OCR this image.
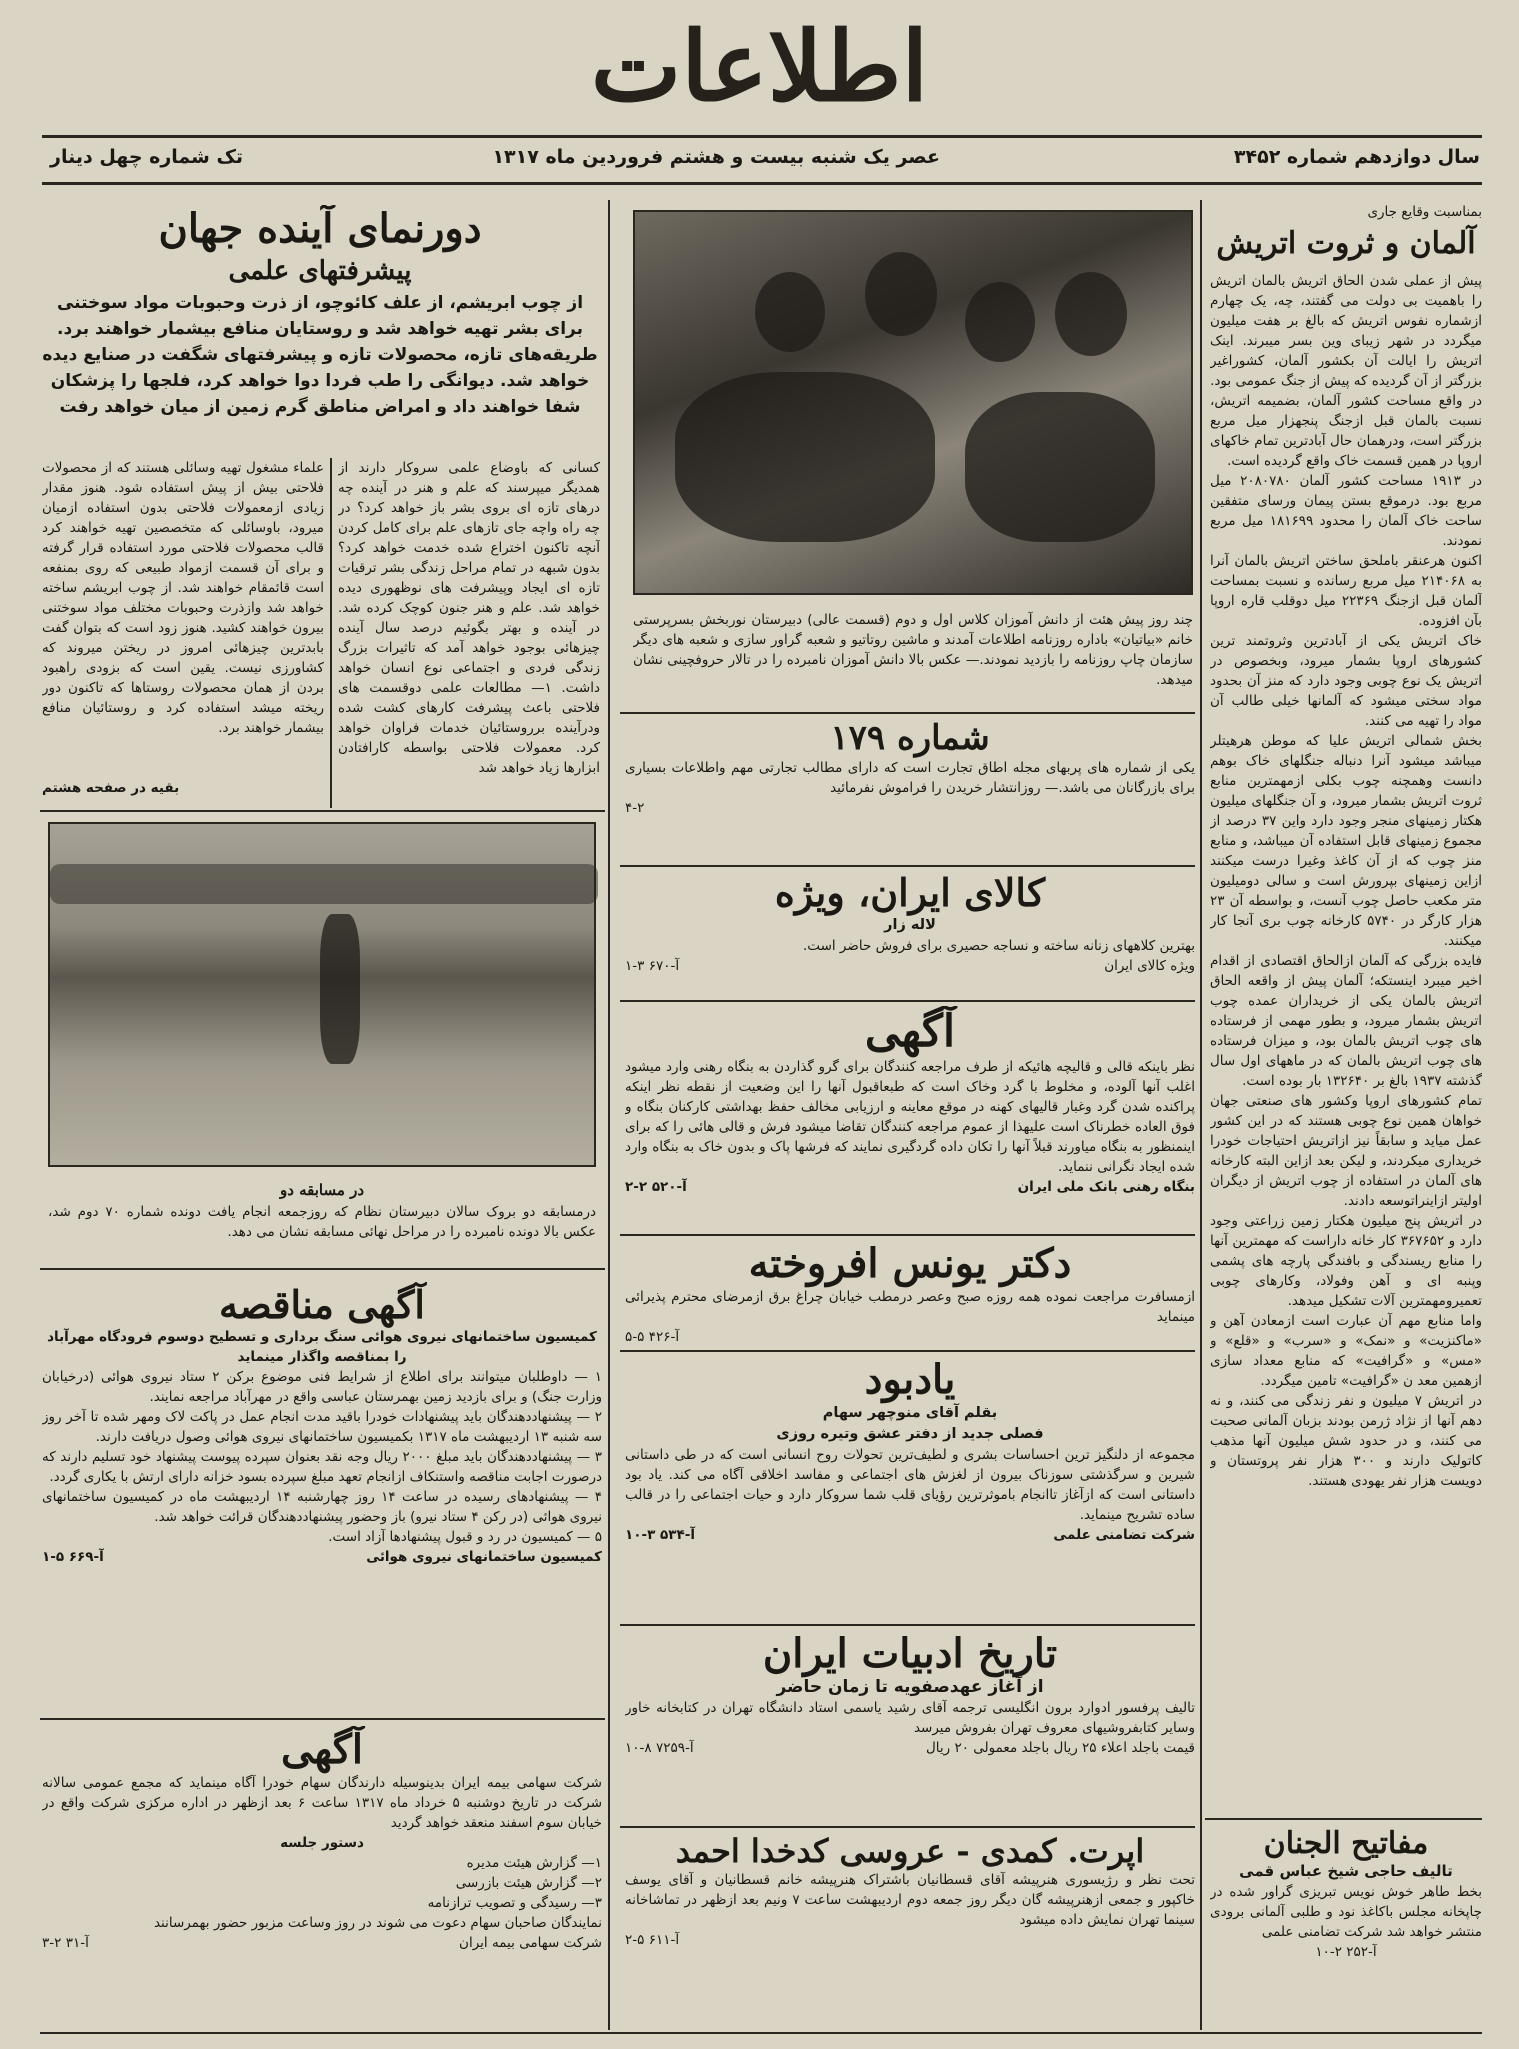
اطلاعات
سال دوازدهم شماره ۳۴۵۲
عصر یک شنبه بیست و هشتم فروردین ماه ۱۳۱۷
تک شماره چهل دینار
بمناسبت وقایع جاری
آلمان و ثروت اتریش
پیش از عملی شدن الحاق اتریش بالمان اتریش را باهمیت بی دولت می گفتند، چه، یک چهارم ازشماره نفوس اتریش که بالغ بر هفت میلیون میگردد در شهر زیبای وین بسر میبرند. اینک اتریش را ایالت آن بکشور آلمان، کشوراغیر بزرگتر از آن گردیده که پیش از جنگ عمومی بود.
در واقع مساحت کشور آلمان، بضمیمه اتریش، نسبت بالمان قبل ازجنگ پنجهزار میل مربع بزرگتر است، ودرهمان حال آبادترین تمام خاکهای اروپا در همین قسمت خاک واقع گردیده است.
در ۱۹۱۳ مساحت کشور آلمان ۲۰۸۰۷۸۰ میل مربع بود. درموقع بستن پیمان ورسای متفقین ساحت خاک آلمان را محدود ۱۸۱۶۹۹ میل مربع نمودند.
اکنون هرعنقر باملحق ساختن اتریش بالمان آنرا به ۲۱۴۰۶۸ میل مربع رسانده و نسبت بمساحت آلمان قبل ازجنگ ۲۲۳۶۹ میل دوقلب قاره اروپا بآن افزوده.
خاک اتریش یکی از آبادترین وثروتمند ترین کشورهای اروپا بشمار میرود، وبخصوص در اتریش یک نوع چوبی وجود دارد که منز آن بحدود مواد سختی میشود که آلمانها خیلی طالب آن مواد را تهیه می کنند.
بخش شمالی اتریش علیا که موطن هرهیتلر میباشد میشود آنرا دنباله جنگلهای خاک بوهم دانست وهمچنه چوب بکلی ازمهمترین منابع ثروت اتریش بشمار میرود، و آن جنگلهای میلیون هکتار زمینهای منجر وجود دارد واین ۳۷ درصد از مجموع زمینهای قابل استفاده آن میباشد، و منابع منز چوب که از آن کاغذ وغیرا درست میکنند ازاین زمینهای بپرورش است و سالی دومیلیون متر مکعب حاصل چوب آنست، و بواسطه آن ۲۳ هزار کارگر در ۵۷۴۰ کارخانه چوب بری آنجا کار میکنند.
فایده بزرگی که آلمان ازالحاق اقتصادی از اقدام اخیر میبرد اینستکه؛ آلمان پیش از واقعه الحاق اتریش بالمان یکی از خریداران عمده چوب اتریش بشمار میرود، و بطور مهمی از فرستاده های چوب اتریش بالمان بود، و میزان فرستاده های چوب اتریش بالمان که در ماههای اول سال گذشته ۱۹۳۷ بالغ بر ۱۳۲۶۴۰ بار بوده است.
تمام کشورهای اروپا وکشور های صنعتی جهان خواهان همین نوع چوبی هستند که در این کشور عمل میاید و سابقاً نیز ازاتریش احتیاجات خودرا خریداری میکردند، و لیکن بعد ازاین البته کارخانه های آلمان در استفاده از چوب اتریش از دیگران اولیتر ازاینراتوسعه دادند.
در اتریش پنج میلیون هکتار زمین زراعتی وجود دارد و ۳۶۷۶۵۲ کار خانه داراست که مهمترین آنها را منابع ریسندگی و بافندگی پارچه های پشمی وپنبه ای و آهن وفولاد، وکارهای چوبی تعمیرومهمترین آلات تشکیل میدهد.
واما منابع مهم آن عبارت است ازمعادن آهن و «ماکنزیت» و «نمک» و «سرب» و «قلع» و «مس» و «گرافیت» که منابع معداد سازی ازهمین معد ن «گرافیت» تامین میگردد.
در اتریش ۷ میلیون و نفر زندگی می کنند، و نه دهم آنها از نژاد ژرمن بودند بزبان آلمانی صحبت می کنند، و در حدود شش میلیون آنها مذهب کاتولیک دارند و ۳۰۰ هزار نفر پروتستان و دویست هزار نفر یهودی هستند.
مفاتیح الجنان
تالیف حاجی شیخ عباس قمی
بخط طاهر خوش نویس تبریزی گراور شده در چاپخانه مجلس باکاغذ نود و طلبی آلمانی برودی منتشر خواهد شد شرکت تضامنی علمی
آ-۲۵۲ ۲-۱۰
چند روز پیش هئت از دانش آموزان کلاس اول و دوم (قسمت عالی) دبیرستان نوربخش بسرپرستی خانم «بیاتیان» باداره روزنامه اطلاعات آمدند و ماشین روتاتیو و شعبه گراور سازی و شعبه های دیگر سازمان چاپ روزنامه را بازدید نمودند.— عکس بالا دانش آموزان نامبرده را در تالار حروفچینی نشان میدهد.
شماره ۱۷۹
یکی از شماره های پربهای مجله اطاق تجارت است که دارای مطالب تجارتی مهم واطلاعات بسیاری برای بازرگانان می باشد.— روزانتشار خریدن را فراموش نفرمائید
۴-۲
کالای ایران، ویژه
لاله زار
بهترین کلاههای زنانه ساخته و نساجه حصیری برای فروش حاضر است.
ویژه کالای ایران
آ-۶۷۰ ۳-۱
آگهی
نظر باینکه قالی و قالیچه هائیکه از طرف مراجعه کنندگان برای گرو گذاردن به بنگاه رهنی وارد میشود اغلب آنها آلوده، و مخلوط با گرد وخاک است که طبعاقبول آنها را این وضعیت از نقطه نظر اینکه پراکنده شدن گرد وغبار قالیهای کهنه در موقع معاینه و ارزیابی مخالف حفظ بهداشتی کارکنان بنگاه و فوق العاده خطرناک است علیهذا از عموم مراجعه کنندگان تقاضا میشود فرش و قالی هائی را که برای اینمنظور به بنگاه میاورند قبلاً آنها را تکان داده گردگیری نمایند که فرشها پاک و بدون خاک به بنگاه وارد شده ایجاد نگرانی ننماید.
بنگاه رهنی بانک ملی ایران
آ-۵۲۰ ۲-۲
دکتر یونس افروخته
ازمسافرت مراجعت نموده همه روزه صبح وعصر درمطب خیابان چراغ برق ازمرضای محترم پذیرائی مینماید
آ-۴۲۶ ۵-۵
یادبود
بقلم آقای منوچهر سهام
فصلی جدید از دفتر عشق وتیره روزی
مجموعه از دلنگیز ترین احساسات بشری و لطیف‌ترین تحولات روح انسانی است که در طی داستانی شیرین و سرگذشتی سوزناک بیرون از لغزش های اجتماعی و مفاسد اخلاقی آگاه می کند. یاد بود داستانی است که ازآغاز تاانجام باموثرترین رؤیای قلب شما سروکار دارد و حیات اجتماعی را در قالب ساده تشریح مینماید.
شرکت تضامنی علمی
آ-۵۳۴ ۳-۱۰
تاریخ ادبیات ایران
از آغاز عهدصفویه تا زمان حاضر
تالیف پرفسور ادوارد برون انگلیسی ترجمه آقای رشید یاسمی استاد دانشگاه تهران در کتابخانه خاور وسایر کتابفروشیهای معروف تهران بفروش میرسد
قیمت باجلد اعلاء ۲۵ ریال باجلد معمولی ۲۰ ریال
آ-۷۲۵۹ ۸-۱۰
اپرت. کمدی - عروسی کدخدا احمد
تحت نظر و رژیسوری هنرپیشه آقای قسطانیان باشتراک هنرپیشه خانم قسطانیان و آقای یوسف خاکپور و جمعی ازهنرپیشه گان دیگر روز جمعه دوم اردیبهشت ساعت ۷ ونیم بعد ازظهر در تماشاخانه سینما تهران نمایش داده میشود
آ-۶۱۱ ۵-۲
دورنمای آینده جهان
پیشرفتهای علمی
از چوب ابریشم، از علف کائوچو، از ذرت وحبوبات مواد سوختنی برای بشر تهیه خواهد شد و روستایان منافع بیشمار خواهند برد. طریقه‌های تازه، محصولات تازه و پیشرفتهای شگفت در صنایع دیده خواهد شد. دیوانگی را طب فردا دوا خواهد کرد، فلجها را پزشکان شفا خواهند داد و امراض مناطق گرم زمین از میان خواهد رفت
کسانی که باوضاع علمی سروکار دارند از همدیگر میپرسند که علم و هنر در آینده چه درهای تازه ای بروی بشر باز خواهد کرد؟ در چه راه واچه جای تازهای علم برای کامل کردن آنچه تاکنون اختراع شده خدمت خواهد کرد؟ بدون شبهه در تمام مراحل زندگی بشر ترقیات تازه ای ایجاد وپیشرفت های نوظهوری دیده خواهد شد. علم و هنر جنون کوچک کرده شد. در آینده و بهتر بگوئیم درصد سال آینده چیزهائی بوجود خواهد آمد که تاثیرات بزرگ زندگی فردی و اجتماعی نوع انسان خواهد داشت. ۱— مطالعات علمی دوقسمت های فلاحتی باعث پیشرفت کارهای کشت شده ودرآینده برروستائیان خدمات فراوان خواهد کرد. معمولات فلاحتی بواسطه کارافتادن ابزارها زیاد خواهد شد
علماء مشغول تهیه وسائلی هستند که از محصولات فلاحتی بیش از پیش استفاده شود. هنوز مقدار زیادی ازمعمولات فلاحتی بدون استفاده ازمیان میرود، باوسائلی که متخصصین تهیه خواهند کرد قالب محصولات فلاحتی مورد استفاده قرار گرفته و برای آن قسمت ازمواد طبیعی که روی بمنفعه است قائمقام خواهند شد. از چوب ابریشم ساخته خواهد شد وازذرت وحبوبات مختلف مواد سوختنی بیرون خواهند کشید. هنوز زود است که بتوان گفت بابدترین چیزهائی امروز در ریختن میروند که کشاورزی نیست. یقین است که بزودی راهبود بردن از همان محصولات روستاها که تاکنون دور ریخته میشد استفاده کرد و روستائیان منافع بیشمار خواهند برد.
بقیه در صفحه هشتم
در مسابقه دو
درمسابقه دو بروک سالان دبیرستان نظام که روزجمعه انجام یافت دونده شماره ۷۰ دوم شد، عکس بالا دونده نامبرده را در مراحل نهائی مسابقه نشان می دهد.
آگهی مناقصه
کمیسیون ساختمانهای نیروی هوائی سنگ برداری و تسطیح دوسوم فرودگاه مهرآباد را بمناقصه واگذار مینماید
۱ — داوطلبان میتوانند برای اطلاع از شرایط فنی موضوع برکن ۲ ستاد نیروی هوائی (درخیابان وزارت جنگ) و برای بازدید زمین بهمرستان عباسی واقع در مهرآباد مراجعه نمایند.
۲ — پیشنهاددهندگان باید پیشنهادات خودرا باقید مدت انجام عمل در پاکت لاک ومهر شده تا آخر روز سه شنبه ۱۳ اردیبهشت ماه ۱۳۱۷ بکمیسیون ساختمانهای نیروی هوائی وصول دریافت دارند.
۳ — پیشنهاددهندگان باید مبلغ ۲۰۰۰ ریال وجه نقد بعنوان سپرده پیوست پیشنهاد خود تسلیم دارند که درصورت اجابت مناقصه واستنکاف ازانجام تعهد مبلغ سپرده بسود خزانه دارای ارتش با یکاری گردد.
۴ — پیشنهادهای رسیده در ساعت ۱۴ روز چهارشنبه ۱۴ اردیبهشت ماه در کمیسیون ساختمانهای نیروی هوائی (در رکن ۴ ستاد نیرو) باز وحضور پیشنهاددهندگان قرائت خواهد شد.
۵ — کمیسیون در رد و قبول پیشنهادها آزاد است.
کمیسیون ساختمانهای نیروی هوائی
آ-۶۶۹ ۵-۱
آگهی
شرکت سهامی بیمه ایران بدینوسیله دارندگان سهام خودرا آگاه مینماید که مجمع عمومی سالانه شرکت در تاریخ دوشنبه ۵ خرداد ماه ۱۳۱۷ ساعت ۶ بعد ازظهر در اداره مرکزی شرکت واقع در خیابان سوم اسفند منعقد خواهد گردید
دستور جلسه
۱— گزارش هیئت مدیره
۲— گزارش هیئت بازرسی
۳— رسیدگی و تصویب ترازنامه
نمایندگان صاحبان سهام دعوت می شوند در روز وساعت مزبور حضور بهمرسانند
شرکت سهامی بیمه ایران
آ-۳۱ ۲-۳
